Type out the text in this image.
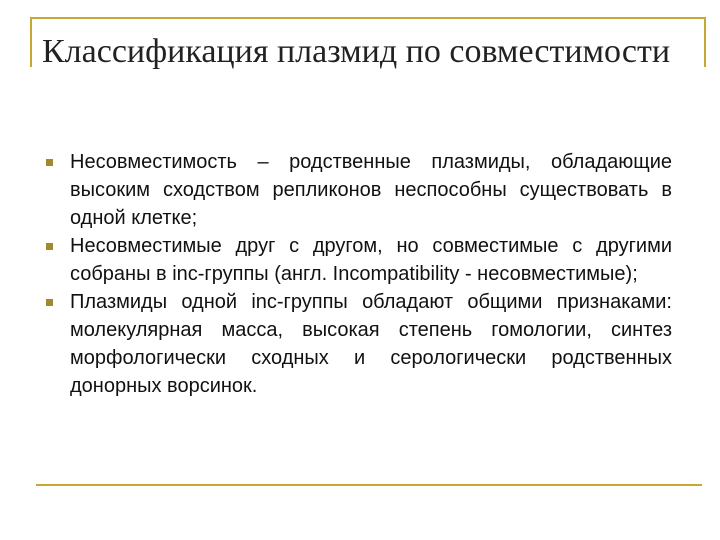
Классификация плазмид по совместимости
Несовместимость – родственные плазмиды, обладающие высоким сходством репликонов неспособны существовать в одной клетке;
Несовместимые друг с другом, но совместимые с другими собраны в inc-группы (англ. Incompatibility - несовместимые);
Плазмиды одной inc-группы обладают общими признаками: молекулярная масса, высокая степень гомологии, синтез морфологически сходных и серологически родственных донорных ворсинок.
